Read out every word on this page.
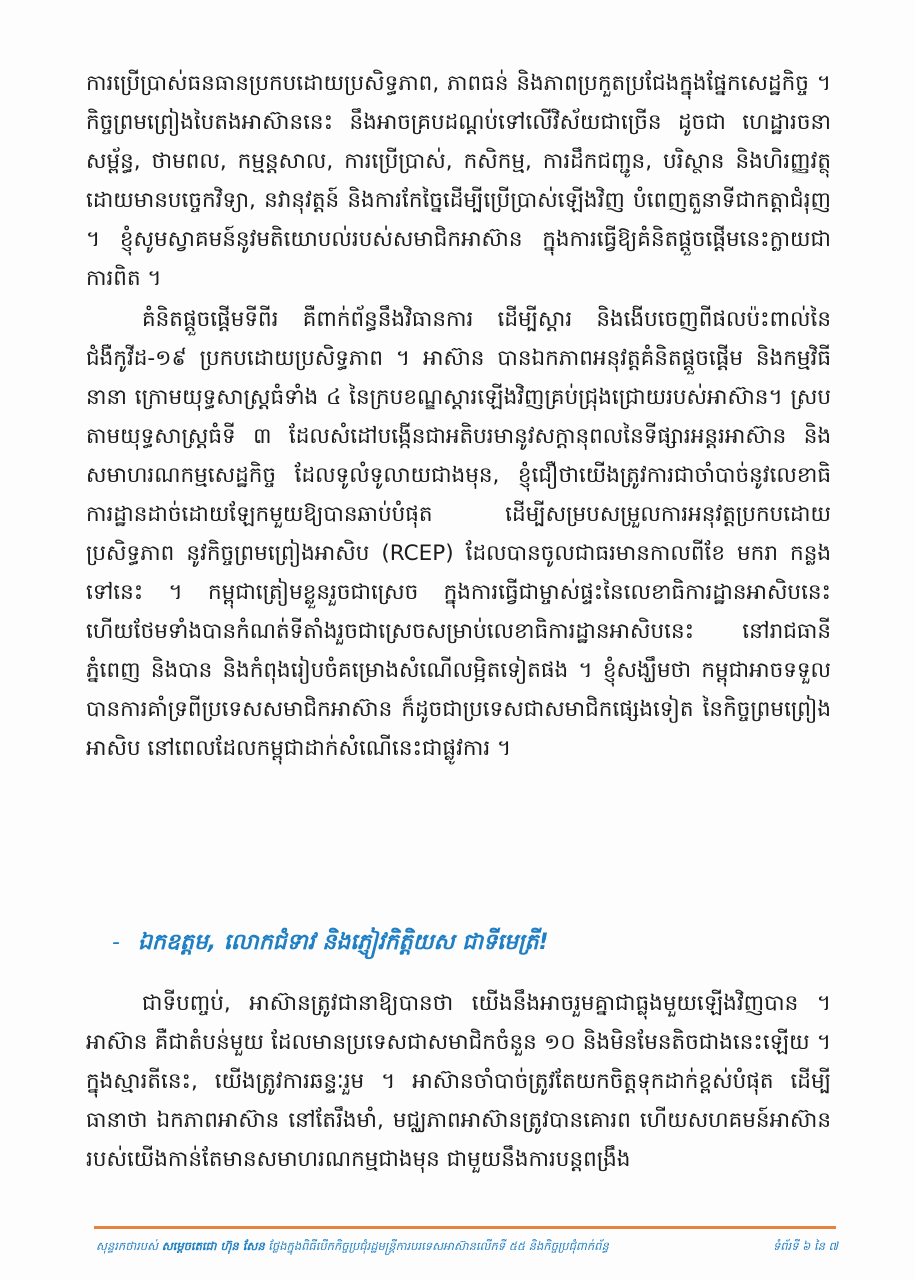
ការប្រើប្រាស់ធនធានប្រកបដោយប្រសិទ្ធភាព, ភាពធន់ និងភាពប្រកួតប្រជែងក្នុងផ្នែកសេដ្ឋកិច្ច ។ កិច្ចព្រមព្រៀងបៃតងអាស៊ាននេះ នឹងអាចគ្របដណ្តប់ទៅលើវិស័យជាច្រើន ដូចជា ហេដ្ឋារចនាសម្ព័ន្ធ, ថាមពល, កម្មន្តសាល, ការប្រើប្រាស់, កសិកម្ម, ការដឹកជញ្ជូន, បរិស្ថាន និងហិរញ្ញវត្ថុ ដោយមានបច្ចេកវិទ្យា, នវានុវត្តន៍ និងការកែច្នៃដើម្បីប្រើប្រាស់ឡើងវិញ បំពេញតួនាទីជាកត្តាជំរុញ ។ ខ្ញុំសូមស្វាគមន៍នូវមតិយោបល់របស់សមាជិកអាស៊ាន ក្នុងការធ្វើឱ្យគំនិតផ្តួចផ្តើមនេះក្លាយជាការពិត ។

គំនិតផ្តួចផ្តើមទីពីរ គឺពាក់ព័ន្ធនឹងវិធានការ ដើម្បីស្តារ និងងើបចេញពីផលប៉ះពាល់នៃជំងឺកូវីដ-១៩ ប្រកបដោយប្រសិទ្ធភាព ។ អាស៊ាន បានឯកភាពអនុវត្តគំនិតផ្តួចផ្តើម និងកម្មវិធីនានា ក្រោមយុទ្ធសាស្ត្រធំទាំង ៤ នៃក្របខណ្ឌស្តារឡើងវិញគ្រប់ជ្រុងជ្រោយរបស់អាស៊ាន។ ស្របតាមយុទ្ធសាស្ត្រធំទី ៣ ដែលសំដៅបង្កើនជាអតិបរមានូវសក្តានុពលនៃទីផ្សារអន្តរអាស៊ាន និងសមាហរណកម្មសេដ្ឋកិច្ច ដែលទូលំទូលាយជាងមុន, ខ្ញុំជឿថាយើងត្រូវការជាចាំបាច់នូវលេខាធិការដ្ឋានដាច់ដោយឡែកមួយឱ្យបានឆាប់បំផុត ដើម្បីសម្របសម្រួលការអនុវត្តប្រកបដោយប្រសិទ្ធភាព នូវកិច្ចព្រមព្រៀងអាសិប (RCEP) ដែលបានចូលជាធរមានកាលពីខែ មករា កន្លងទៅនេះ ។ កម្ពុជាត្រៀមខ្លួនរួចជាស្រេច ក្នុងការធ្វើជាម្ចាស់ផ្ទះនៃលេខាធិការដ្ឋានអាសិបនេះ ហើយថែមទាំងបានកំណត់ទីតាំងរួចជាស្រេចសម្រាប់លេខាធិការដ្ឋានអាសិបនេះ នៅរាជធានីភ្នំពេញ និងបាន និងកំពុងរៀបចំគម្រោងសំណើលម្អិតទៀតផង ។ ខ្ញុំសង្ឃឹមថា កម្ពុជាអាចទទួលបានការគាំទ្រពីប្រទេសសមាជិកអាស៊ាន ក៏ដូចជាប្រទេសជាសមាជិកផ្សេងទៀត នៃកិច្ចព្រមព្រៀងអាសិប នៅពេលដែលកម្ពុជាដាក់សំណើនេះជាផ្លូវការ ។

- ឯកឧត្តម, លោកជំទាវ និងភ្ញៀវកិត្តិយស ជាទីមេត្រី!

ជាទីបញ្ចប់, អាស៊ានត្រូវជានាឱ្យបានថា យើងនឹងអាចរួមគ្នាជាធ្លុងមួយឡើងវិញបាន ។ អាស៊ាន គឺជាតំបន់មួយ ដែលមានប្រទេសជាសមាជិកចំនួន ១០ និងមិនមែនតិចជាងនេះឡើយ ។ ក្នុងស្មារតីនេះ, យើងត្រូវការឆន្ទៈរួម ។ អាស៊ានចាំបាច់ត្រូវតែយកចិត្តទុកដាក់ខ្ពស់បំផុត ដើម្បីធានាថា ឯកភាពអាស៊ាន នៅតែរឹងមាំ, មជ្ឈភាពអាស៊ានត្រូវបានគោរព ហើយសហគមន៍អាស៊ានរបស់យើងកាន់តែមានសមាហរណកម្មជាងមុន ជាមួយនឹងការបន្តពង្រឹង

សុន្ទរកថារបស់ សម្តេចតេជោ ហ៊ុន សែន ថ្លែងក្នុងពិធីបើកកិច្ចប្រជុំរដ្ឋមន្ត្រីការបរទេសអាស៊ានលើកទី ៥៥ និងកិច្ចប្រជុំពាក់ព័ន្ធ	ទំព័រទី ៦ នៃ ៧
